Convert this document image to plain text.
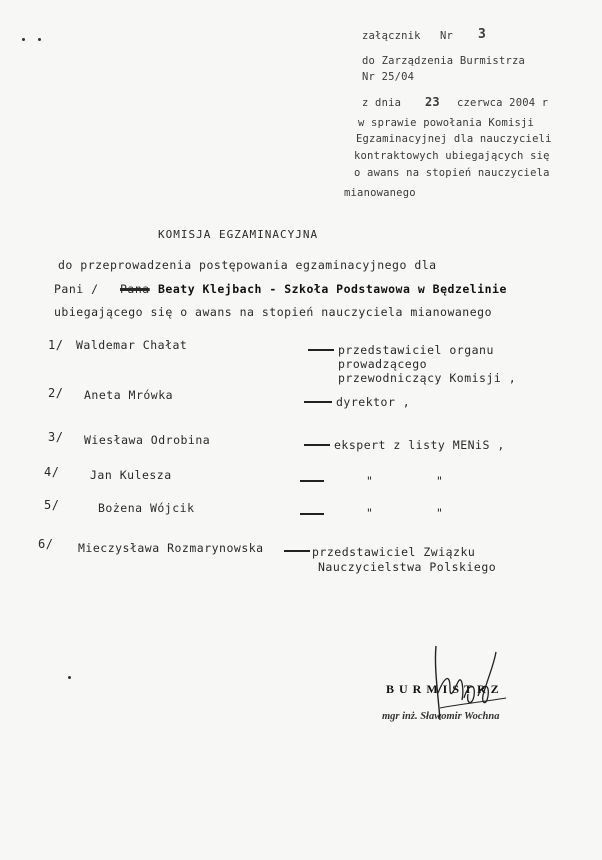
załącznik Nr 3
do Zarządzenia Burmistrza
Nr 25/04
z dnia 23 czerwca 2004 r
w sprawie powołania Komisji
Egzaminacyjnej dla nauczycieli
kontraktowych ubiegających się
o awans na stopień nauczyciela
mianowanego
KOMISJA EGZAMINACYJNA
do przeprowadzenia postępowania egzaminacyjnego dla
Pani / Pana Beaty Klejbach - Szkoła Podstawowa w Będzelinie
ubiegającego się o awans na stopień nauczyciela mianowanego
1/ Waldemar Chałat	przedstawiciel organu
prowadzącego
przewodniczący Komisji ,
2/ Aneta Mrówka	dyrektor ,
3/ Wiesława Odrobina	ekspert z listy MENiS ,
4/	Jan Kulesza	"	"
5/	Bożena Wójcik	"	"
6/ Mieczysława Rozmarynowska	przedstawiciel Związku
Nauczycielstwa Polskiego
BURMISTRZ
mgr inż. Sławomir Wochna
